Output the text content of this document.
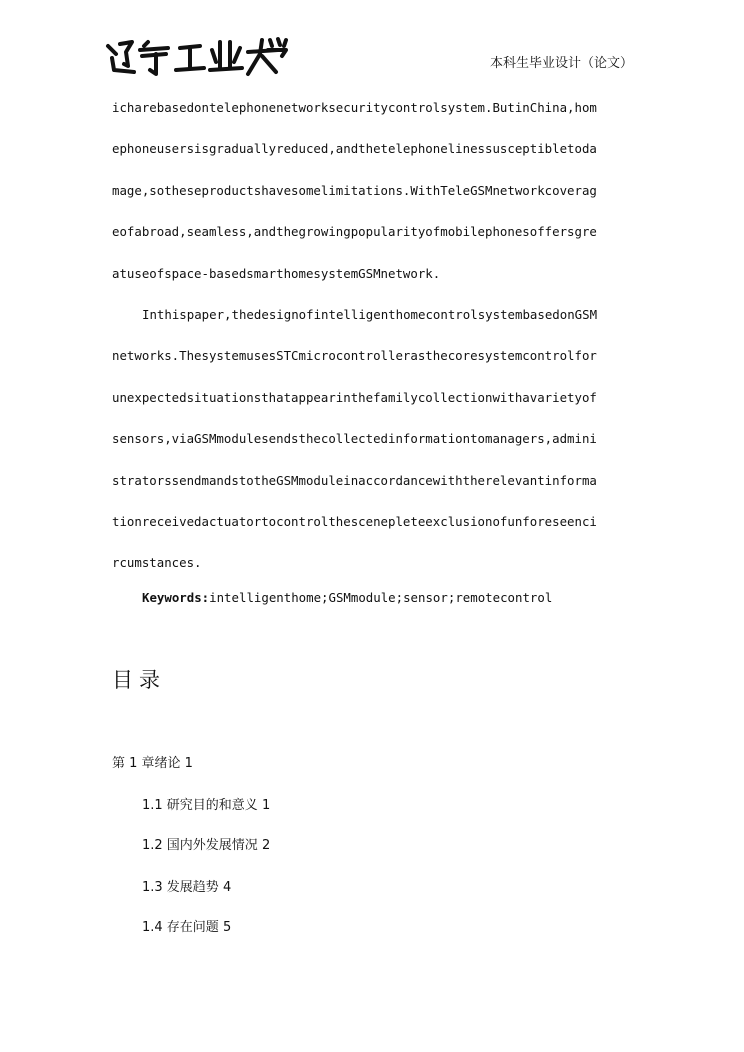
本科生毕业设计（论文）
icharebasedontelephonenetworksecuritycontrolsystem.ButinChina,hom
ephoneusersisgraduallyreduced,andthetelephonelinessusceptibletoda
mage,sotheseproductshavesomelimitations.WithTeleGSMnetworkcoverag
eofabroad,seamless,andthegrowingpopularityofmobilephonesoffersgre
atuseofspace-basedsmarthomesystemGSMnetwork.
Inthispaper,thedesignofintelligenthomecontrolsystembasedonGSM
networks.ThesystemusesSTCmicrocontrollerasthecoresystemcontrolfor
unexpectedsituationsthatappearinthefamilycollectionwithavarietyof
sensors,viaGSMmodulesendsthecollectedinformationtomanagers,admini
stratorssendmandstotheGSMmoduleinaccordancewiththerelevantinforma
tionreceivedactuatortocontrolthescenepleteexclusionofunforeseenci
rcumstances.
Keywords:intelligenthome;GSMmodule;sensor;remotecontrol
目录
第 1 章绪论 1
1.1 研究目的和意义 1
1.2 国内外发展情况 2
1.3 发展趋势 4
1.4 存在问题 5
